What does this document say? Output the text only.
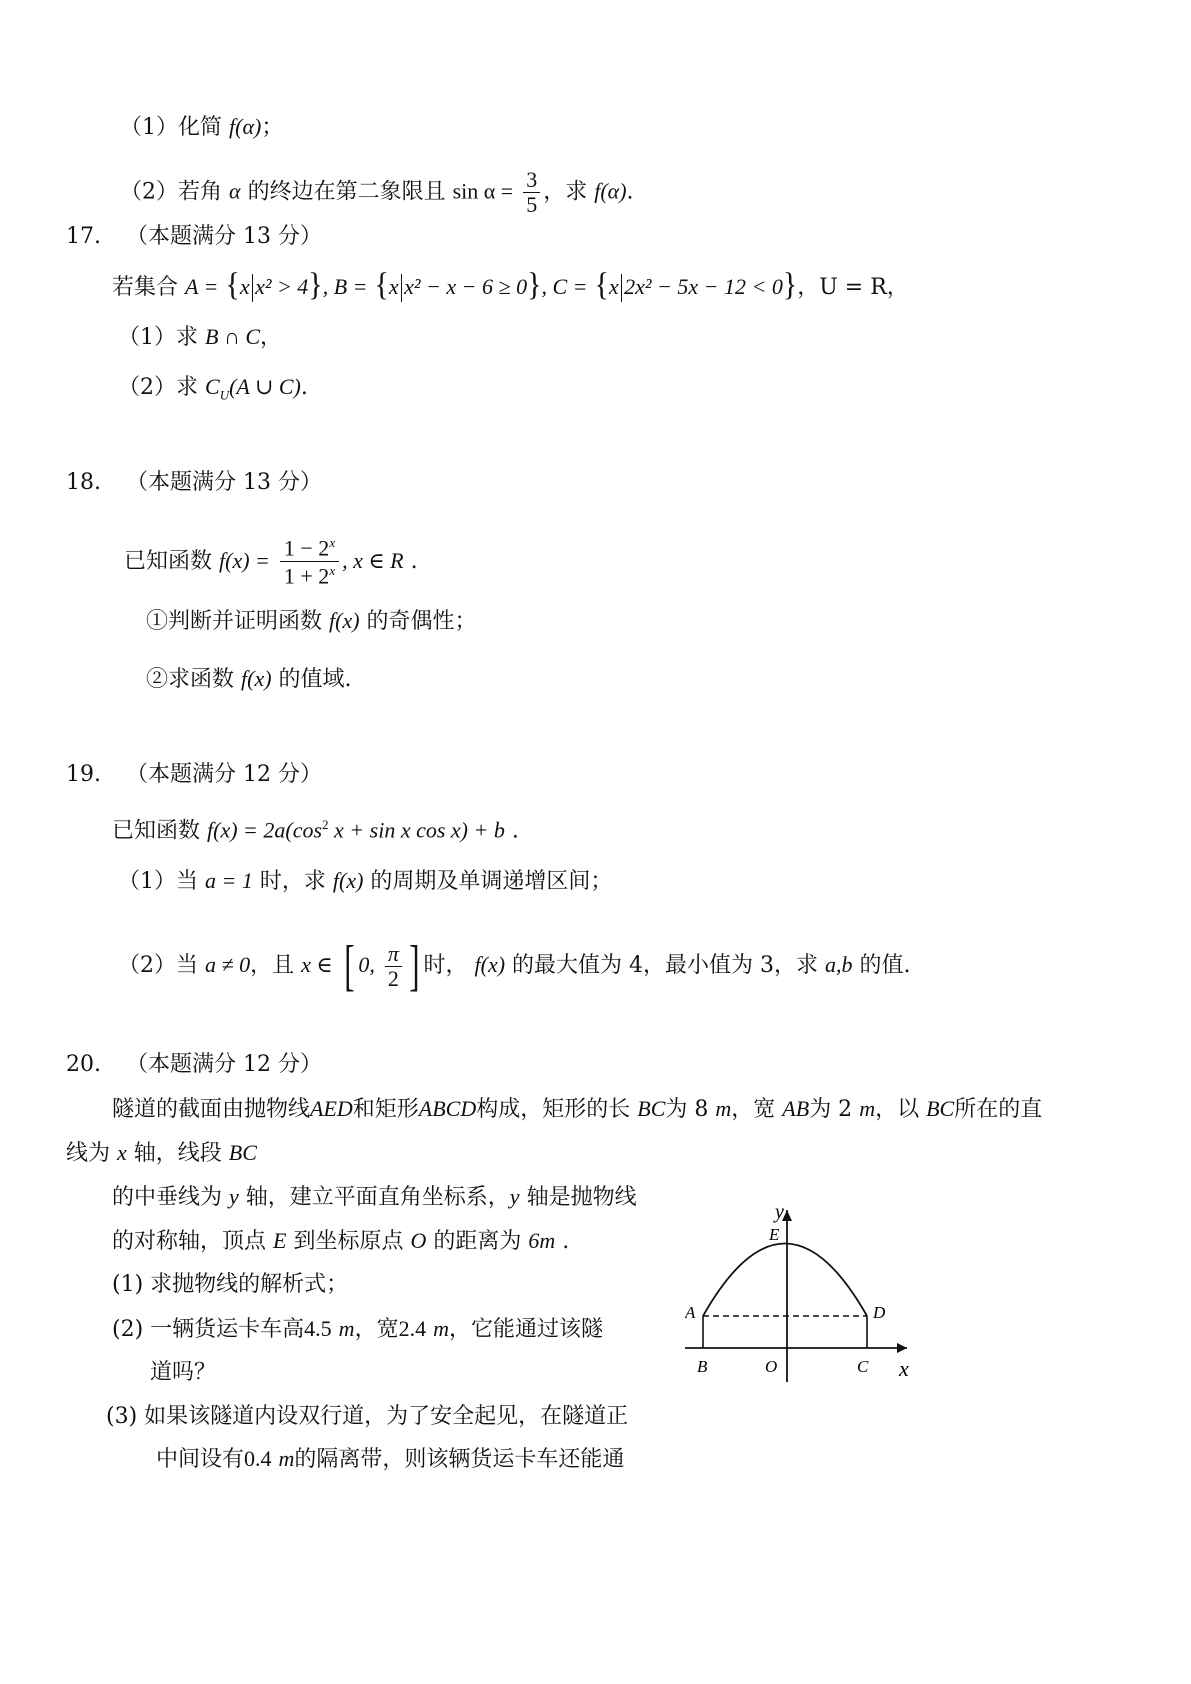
（1）化简 f(α)；
（2）若角 α 的终边在第二象限且 $\sin \alpha = \frac{3}{5}$ ，求 f(α).
17. （本题满分 13 分）
若集合 A = {x x² > 4}, B = {x x² − x − 6 ≥ 0}, C = {x 2x² − 5x − 12 < 0}，U = R，
（1）求 B ∩ C，
（2）求 $C_U(A$ ∪ C).
18. （本题满分 13 分）
已知函数 $f(x) = \frac{1 - 2^x}{1 + 2^x}$ , x ∈ R .
①判断并证明函数 f(x) 的奇偶性；
②求函数 f(x) 的值域.
19. （本题满分 12 分）
已知函数 $f(x) = 2a(\cos^2$ x + sin x cos x) + b .
（1）当 a = 1 时，求 f(x) 的周期及单调递增区间；
（2）当 a ≠ 0，且 x ∈ [ 0, $\frac{\pi}{2}$ ] 时， f(x) 的最大值为 4，最小值为 3，求 a,b 的值.
20. （本题满分 12 分）
隧道的截面由抛物线AED和矩形ABCD构成，矩形的长 BC为 8 m，宽 AB为 2 m，以 BC所在的直
线为 x 轴，线段 BC
的中垂线为 y 轴，建立平面直角坐标系，y 轴是抛物线
的对称轴，顶点 E 到坐标原点 O 的距离为 6m .
(1) 求抛物线的解析式；
(2) 一辆货运卡车高4.5 m，宽2.4 m，它能通过该隧
道吗？
(3) 如果该隧道内设双行道，为了安全起见，在隧道正
中间设有0.4 m的隔离带，则该辆货运卡车还能通
y
x
E
A	D
B	O	C
